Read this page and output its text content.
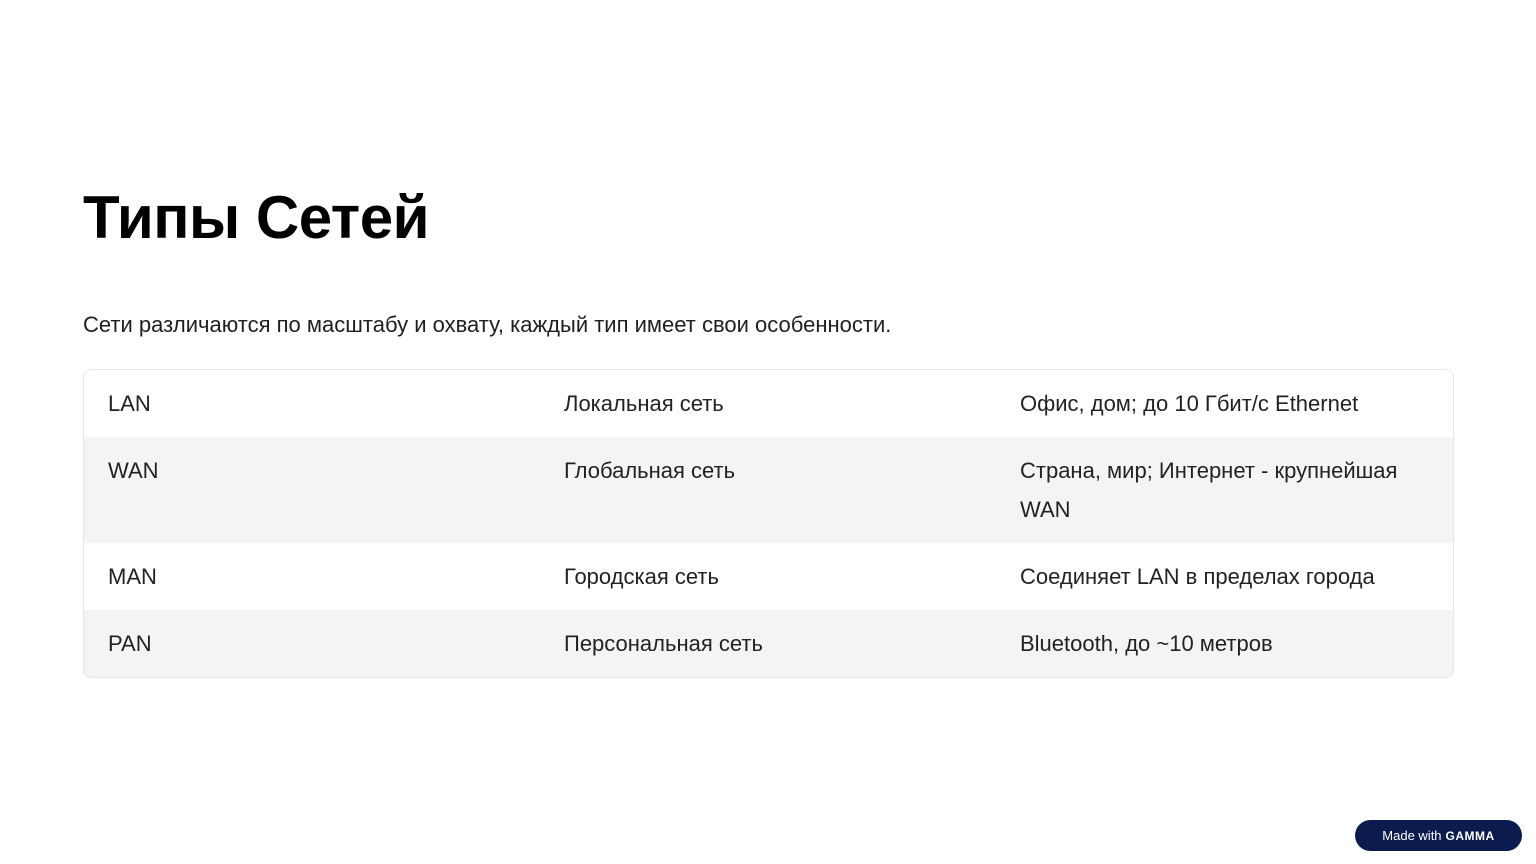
Типы Сетей

Сети различаются по масштабу и охвату, каждый тип имеет свои особенности.

LAN	Локальная сеть	Офис, дом; до 10 Гбит/с Ethernet
WAN	Глобальная сеть	Страна, мир; Интернет - крупнейшая WAN
MAN	Городская сеть	Соединяет LAN в пределах города
PAN	Персональная сеть	Bluetooth, до ~10 метров
Made with GAMMA
